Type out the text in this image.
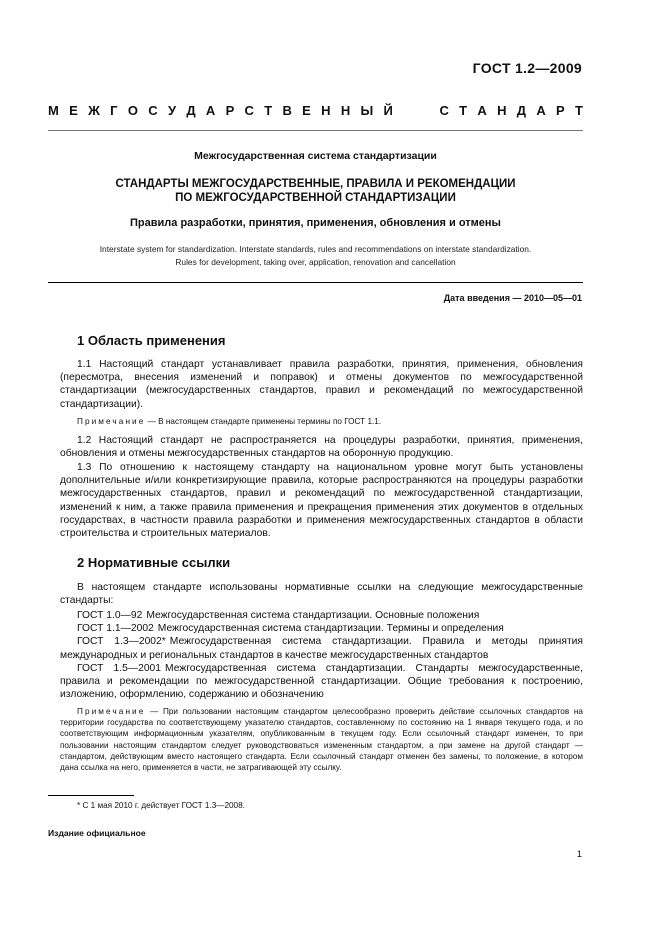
ГОСТ 1.2—2009
М Е Ж Г О С У Д А Р С Т В Е Н Н Ы Й	С Т А Н Д А Р Т
Межгосударственная система стандартизации
СТАНДАРТЫ МЕЖГОСУДАРСТВЕННЫЕ, ПРАВИЛА И РЕКОМЕНДАЦИИ
ПО МЕЖГОСУДАРСТВЕННОЙ СТАНДАРТИЗАЦИИ
Правила разработки, принятия, применения, обновления и отмены
Interstate system for standardization. Interstate standards, rules and recommendations on interstate standardization.
Rules for development, taking over, application, renovation and cancellation
Дата введения — 2010—05—01
1 Область применения

1.1 Настоящий стандарт устанавливает правила разработки, принятия, применения, обновления (пересмотра, внесения изменений и поправок) и отмены документов по межгосударственной стандартизации (межгосударственных стандартов, правил и рекомендаций по межгосударственной стандартизации).

Примечание — В настоящем стандарте применены термины по ГОСТ 1.1.

1.2 Настоящий стандарт не распространяется на процедуры разработки, принятия, применения, обновления и отмены межгосударственных стандартов на оборонную продукцию.

1.3 По отношению к настоящему стандарту на национальном уровне могут быть установлены дополнительные и/или конкретизирующие правила, которые распространяются на процедуры разработки межгосударственных стандартов, правил и рекомендаций по межгосударственной стандартизации, изменений к ним, а также правила применения и прекращения применения этих документов в отдельных государствах, в частности правила разработки и применения межгосударственных стандартов в области строительства и строительных материалов.

2 Нормативные ссылки

В настоящем стандарте использованы нормативные ссылки на следующие межгосударственные стандарты:

ГОСТ 1.0—92 Межгосударственная система стандартизации. Основные положения
ГОСТ 1.1—2002 Межгосударственная система стандартизации. Термины и определения
ГОСТ 1.3—2002* Межгосударственная система стандартизации. Правила и методы принятия международных и региональных стандартов в качестве межгосударственных стандартов
ГОСТ 1.5—2001 Межгосударственная система стандартизации. Стандарты межгосударственные, правила и рекомендации по межгосударственной стандартизации. Общие требования к построению, изложению, оформлению, содержанию и обозначению

Примечание — При пользовании настоящим стандартом целесообразно проверить действие ссылочных стандартов на территории государства по соответствующему указателю стандартов, составленному по состоянию на 1 января текущего года, и по соответствующим информационным указателям, опубликованным в текущем году. Если ссылочный стандарт изменен, то при пользовании настоящим стандартом следует руководствоваться измененным стандартом, а при замене на другой стандарт — стандартом, действующим вместо настоящего стандарта. Если ссылочный стандарт отменен без замены, то положение, в котором дана ссылка на него, применяется в части, не затрагивающей эту ссылку.

* С 1 мая 2010 г. действует ГОСТ 1.3—2008.
Издание официальное
1
